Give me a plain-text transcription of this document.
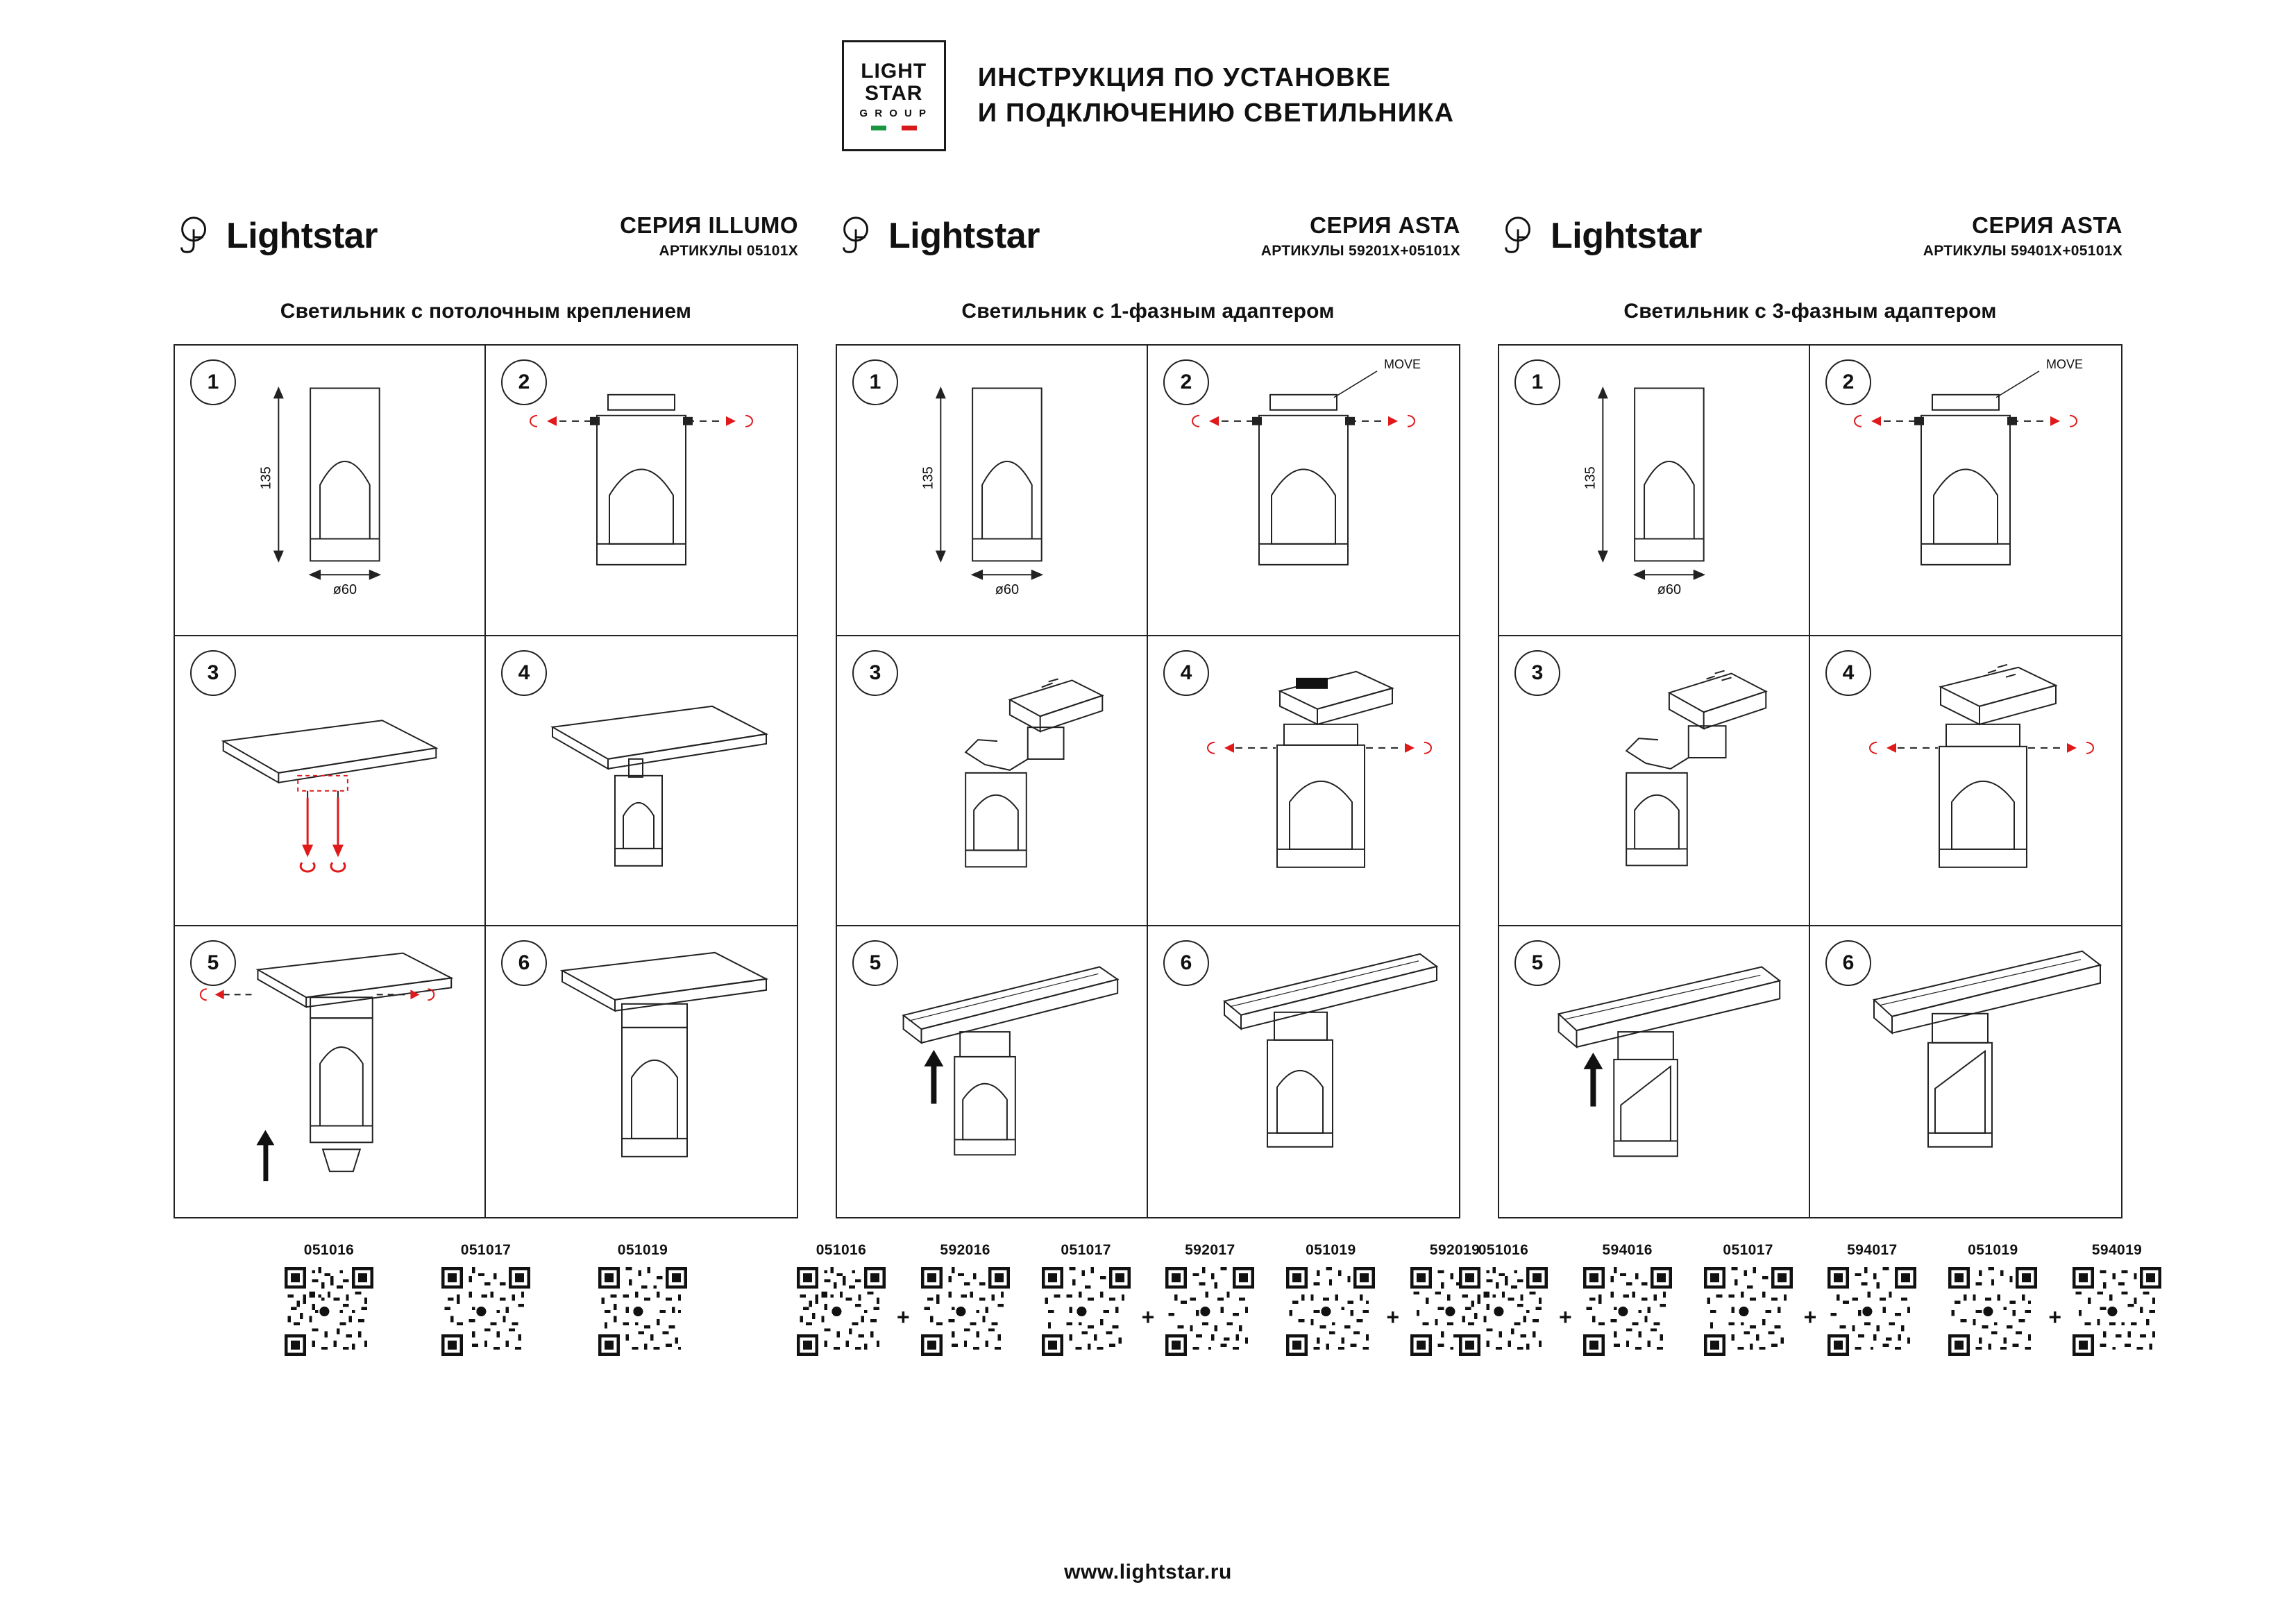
LIGHT
STAR
G R O U P
ИНСТРУКЦИЯ ПО УСТАНОВКЕ
И ПОДКЛЮЧЕНИЮ СВЕТИЛЬНИКА
Lightstar	СЕРИЯ ILLUMO
АРТИКУЛЫ 05101Х
Светильник с потолочным креплением
1
135
ø60
2
3	4
5	6
051016	051017	051019
Lightstar	СЕРИЯ ASTA
АРТИКУЛЫ 59201Х+05101Х
Светильник с 1-фазным адаптером
1
135
ø60
2
MOVE
3	4
5	6
051016
+
592016	051017
+
592017	051019
+
592019
Lightstar	СЕРИЯ ASTA
АРТИКУЛЫ 59401Х+05101Х
Светильник с 3-фазным адаптером
1
135
ø60
2
MOVE
3	4
5	6
051016
+
594016	051017
+
594017	051019
+
594019
www.lightstar.ru
